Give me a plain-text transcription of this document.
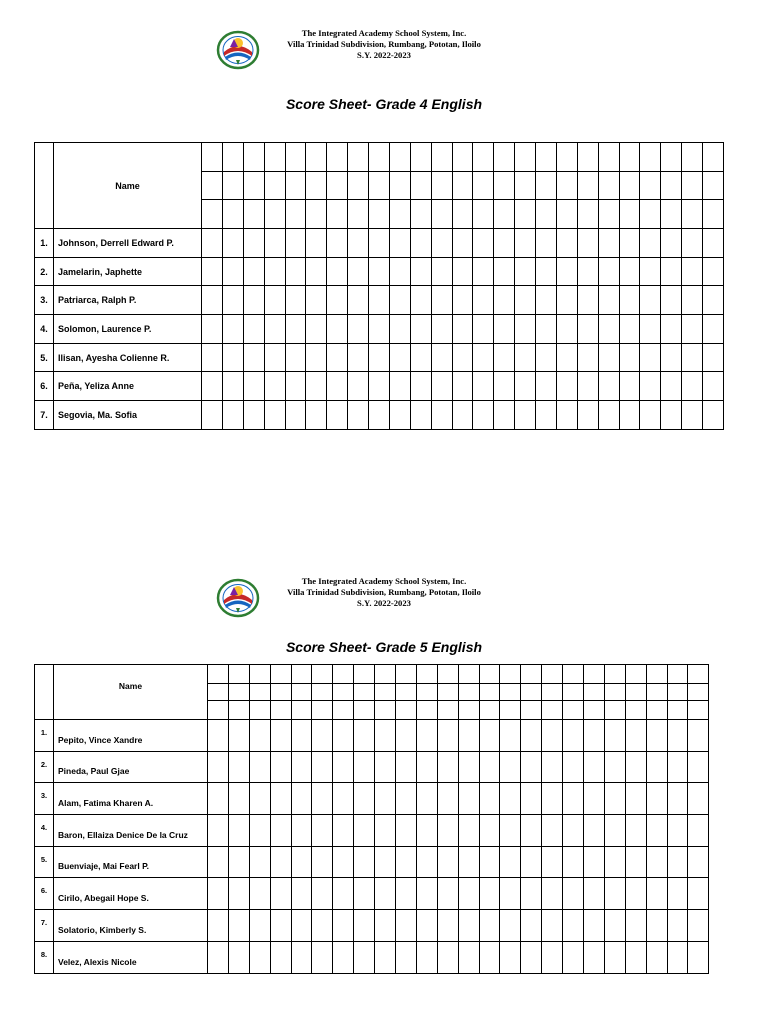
The Integrated Academy School System, Inc.
Villa Trinidad Subdivision, Rumbang, Pototan, Iloilo
S.Y. 2022-2023
Score Sheet- Grade 4 English
	Name																									

1.	Johnson, Derrell Edward P.																									
2.	Jamelarin, Japhette																									
3.	Patriarca, Ralph P.																									
4.	Solomon, Laurence P.																									
5.	Ilisan, Ayesha Colienne R.																									
6.	Peña, Yeliza Anne																									
7.	Segovia, Ma. Sofia																									
The Integrated Academy School System, Inc.
Villa Trinidad Subdivision, Rumbang, Pototan, Iloilo
S.Y. 2022-2023
Score Sheet- Grade 5 English
	Name																								

1.	Pepito, Vince Xandre																								
2.	Pineda, Paul Gjae																								
3.	Alam, Fatima Kharen A.																								
4.	Baron, Ellaiza Denice De la Cruz																								
5.	Buenviaje, Mai Fearl P.																								
6.	Cirilo, Abegail Hope S.																								
7.	Solatorio, Kimberly S.																								
8.	Velez, Alexis Nicole																								
